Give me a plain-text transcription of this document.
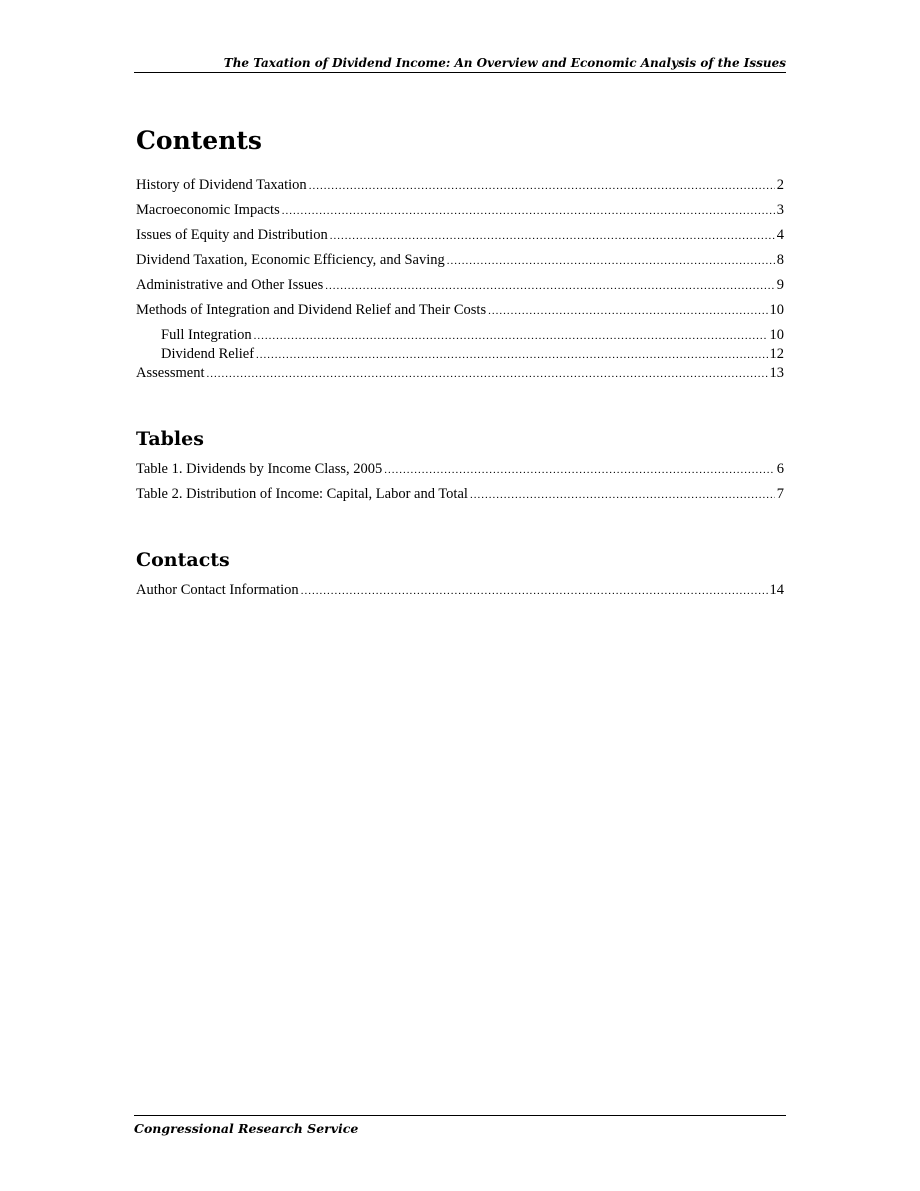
The Taxation of Dividend Income: An Overview and Economic Analysis of the Issues
Contents
History of Dividend Taxation .....	2
Macroeconomic Impacts .....	3
Issues of Equity and Distribution .....	4
Dividend Taxation, Economic Efficiency, and Saving .....	8
Administrative and Other Issues .....	9
Methods of Integration and Dividend Relief and Their Costs .....	10
Full Integration .....	10
Dividend Relief .....	12
Assessment .....	13
Tables
Table 1. Dividends by Income Class, 2005 .....	6
Table 2. Distribution of Income: Capital, Labor and Total .....	7
Contacts
Author Contact Information .....	14
Congressional Research Service
